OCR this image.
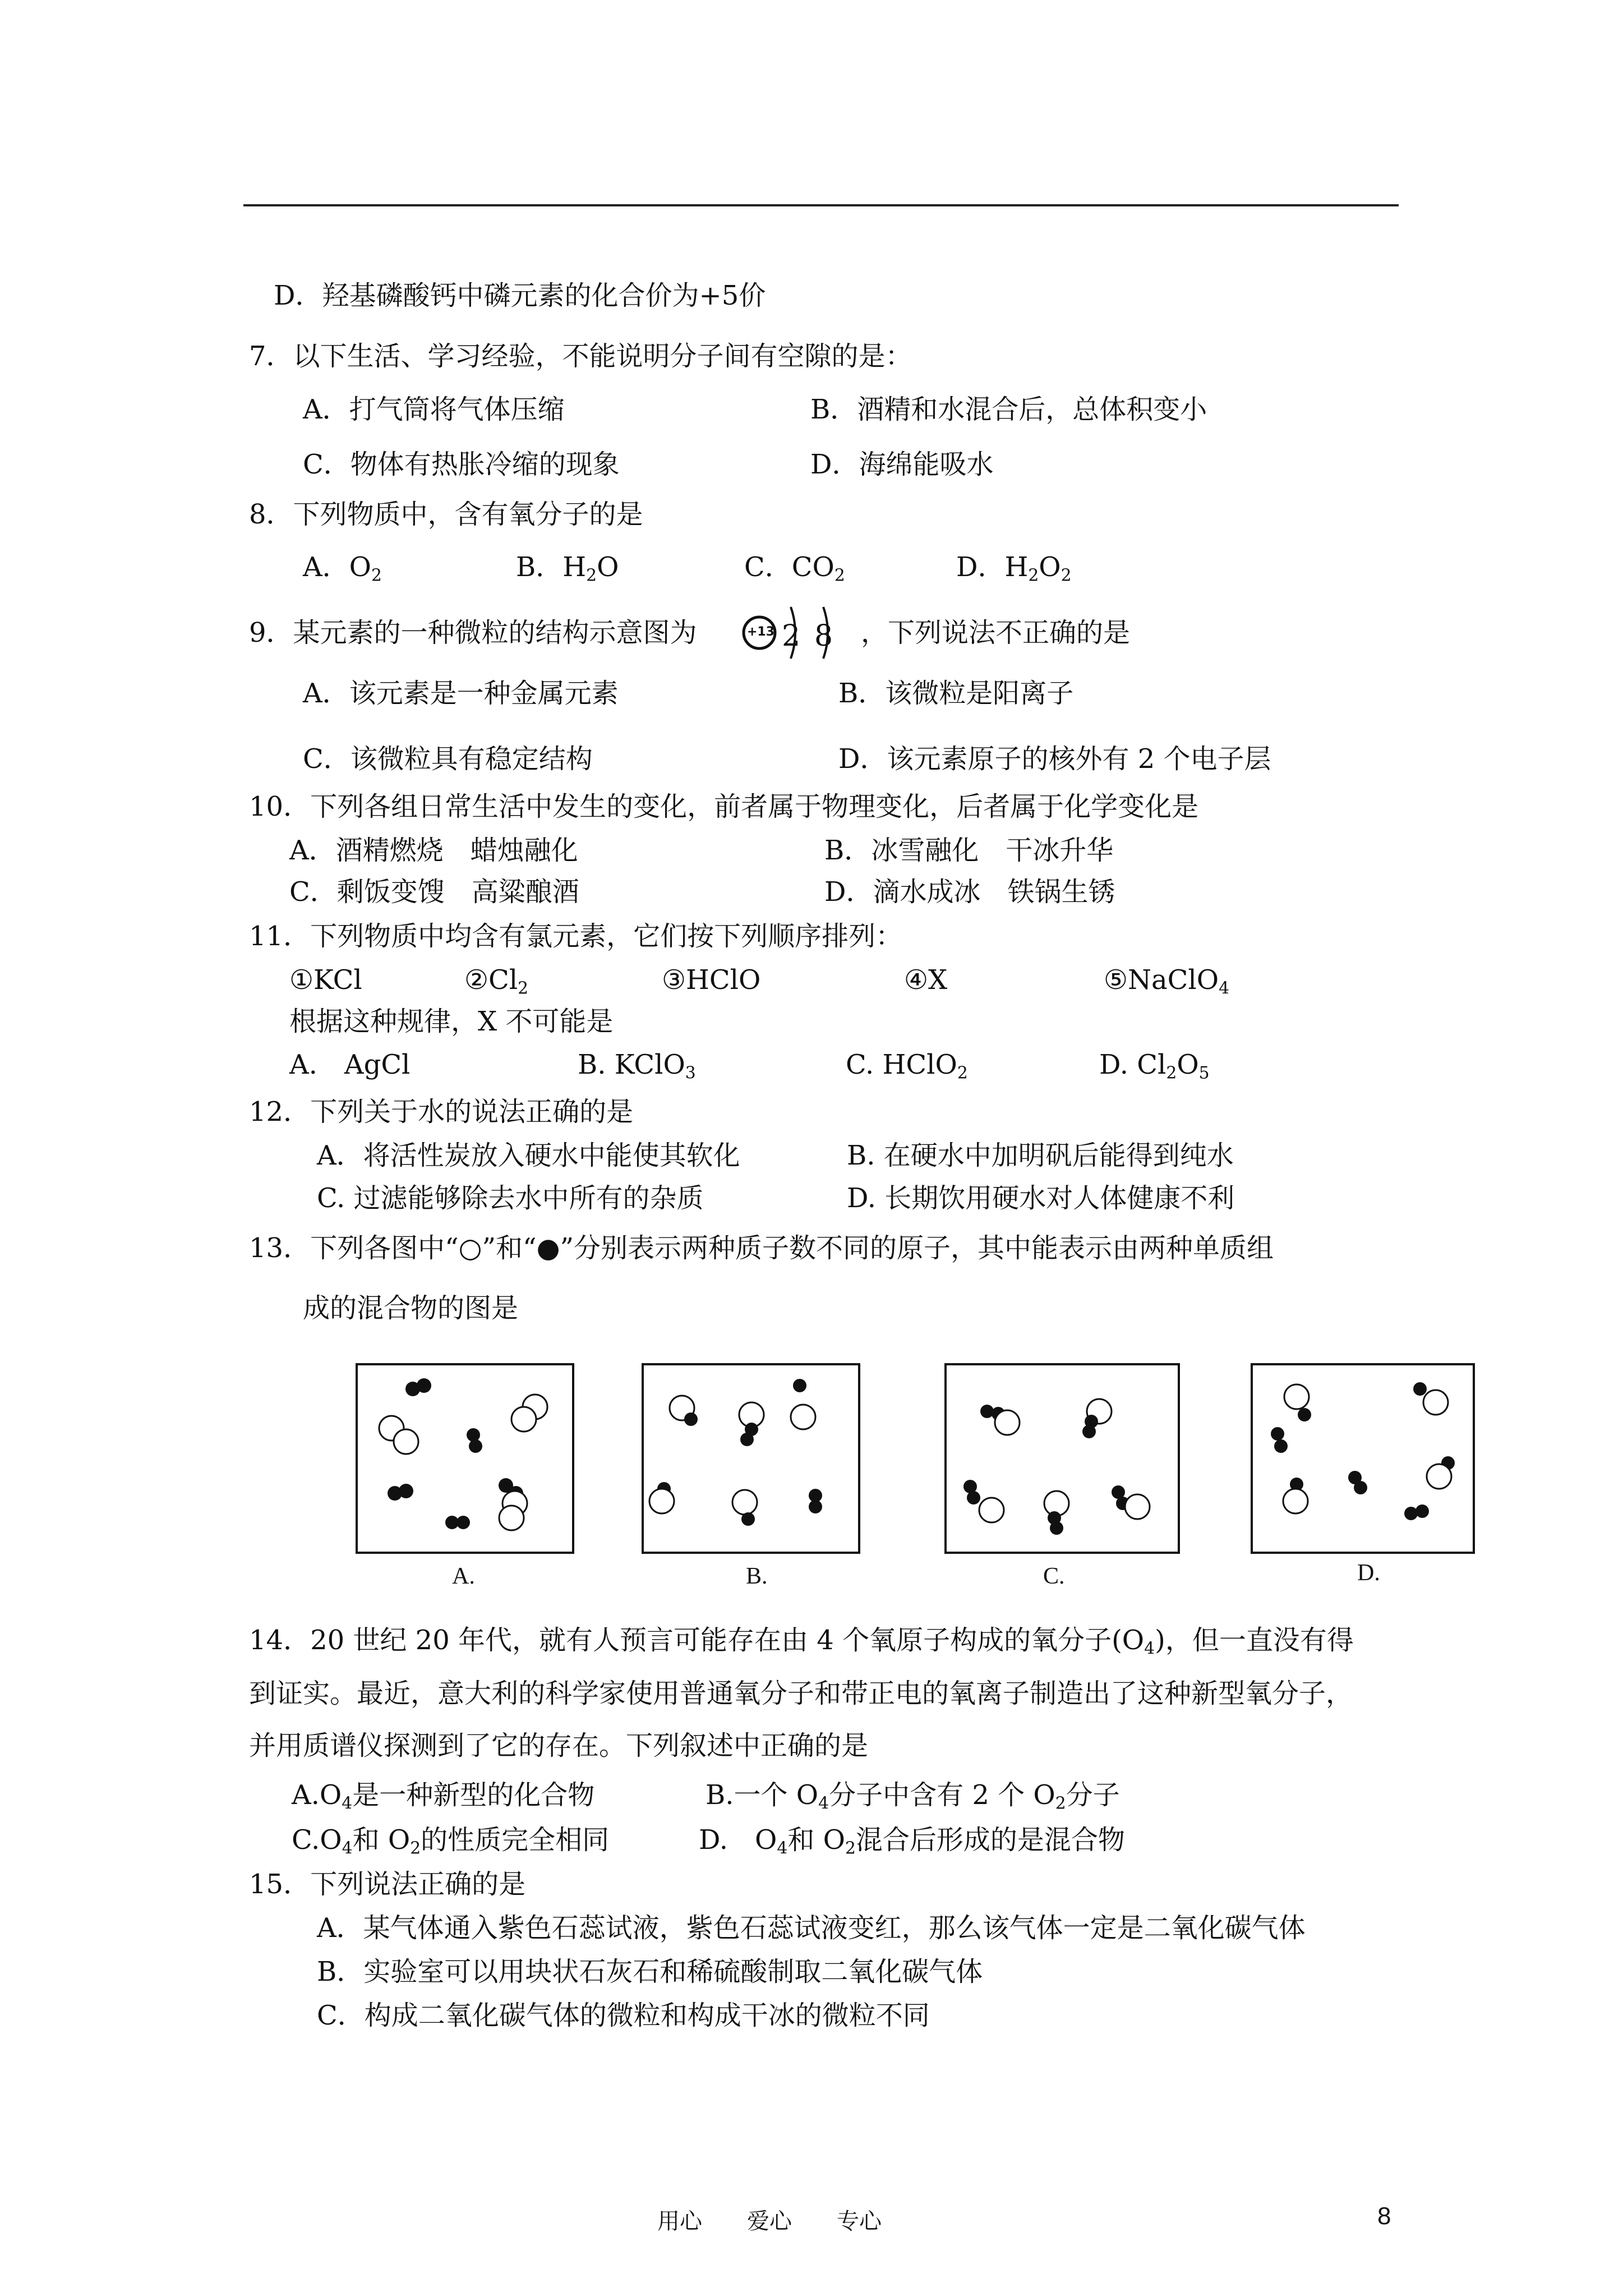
D．羟基磷酸钙中磷元素的化合价为+5价
7．以下生活、学习经验，不能说明分子间有空隙的是：
A．打气筒将气体压缩	B．酒精和水混合后，总体积变小
C．物体有热胀冷缩的现象	D．海绵能吸水
8．下列物质中，含有氧分子的是
A．$O_2$	B．$H_2O$	C．$CO_2$	D．$H_2O_2$
9．某元素的一种微粒的结构示意图为	+13 2 8 ，下列说法不正确的是
A．该元素是一种金属元素	B．该微粒是阳离子
C．该微粒具有稳定结构	D．该元素原子的核外有 2 个电子层
10．下列各组日常生活中发生的变化，前者属于物理变化，后者属于化学变化是
A．酒精燃烧　蜡烛融化	B．冰雪融化　干冰升华
C．剩饭变馊　高粱酿酒	D．滴水成冰　铁锅生锈
11．下列物质中均含有氯元素，它们按下列顺序排列：
①KCl	$②Cl_2$	③HClO	④X	⑤NaClO$_4$
根据这种规律，X 不可能是
A.　AgCl	B. KClO$_3$	C. HClO$_2$	D. $Cl_2O_5$
12．下列关于水的说法正确的是
A．将活性炭放入硬水中能使其软化	B. 在硬水中加明矾后能得到纯水
C. 过滤能够除去水中所有的杂质	D. 长期饮用硬水对人体健康不利
13．下列各图中“○”和“●”分别表示两种质子数不同的原子，其中能表示由两种单质组
成的混合物的图是
A.	B.	C.	D.
14．20 世纪 20 年代，就有人预言可能存在由 4 个氧原子构成的氧分子$(O_4)$，但一直没有得
到证实。最近，意大利的科学家使用普通氧分子和带正电的氧离子制造出了这种新型氧分子，
并用质谱仪探测到了它的存在。下列叙述中正确的是
$A.O_4$是一种新型的化合物	B.一个 $O_4$分子中含有 2 个 $O_2$分子
$C.O_4$和 $O_2$的性质完全相同	D.　$O_4$和 $O_2$混合后形成的是混合物
15．下列说法正确的是
A．某气体通入紫色石蕊试液，紫色石蕊试液变红，那么该气体一定是二氧化碳气体
B．实验室可以用块状石灰石和稀硫酸制取二氧化碳气体
C．构成二氧化碳气体的微粒和构成干冰的微粒不同
用心　　爱心　　专心	8
